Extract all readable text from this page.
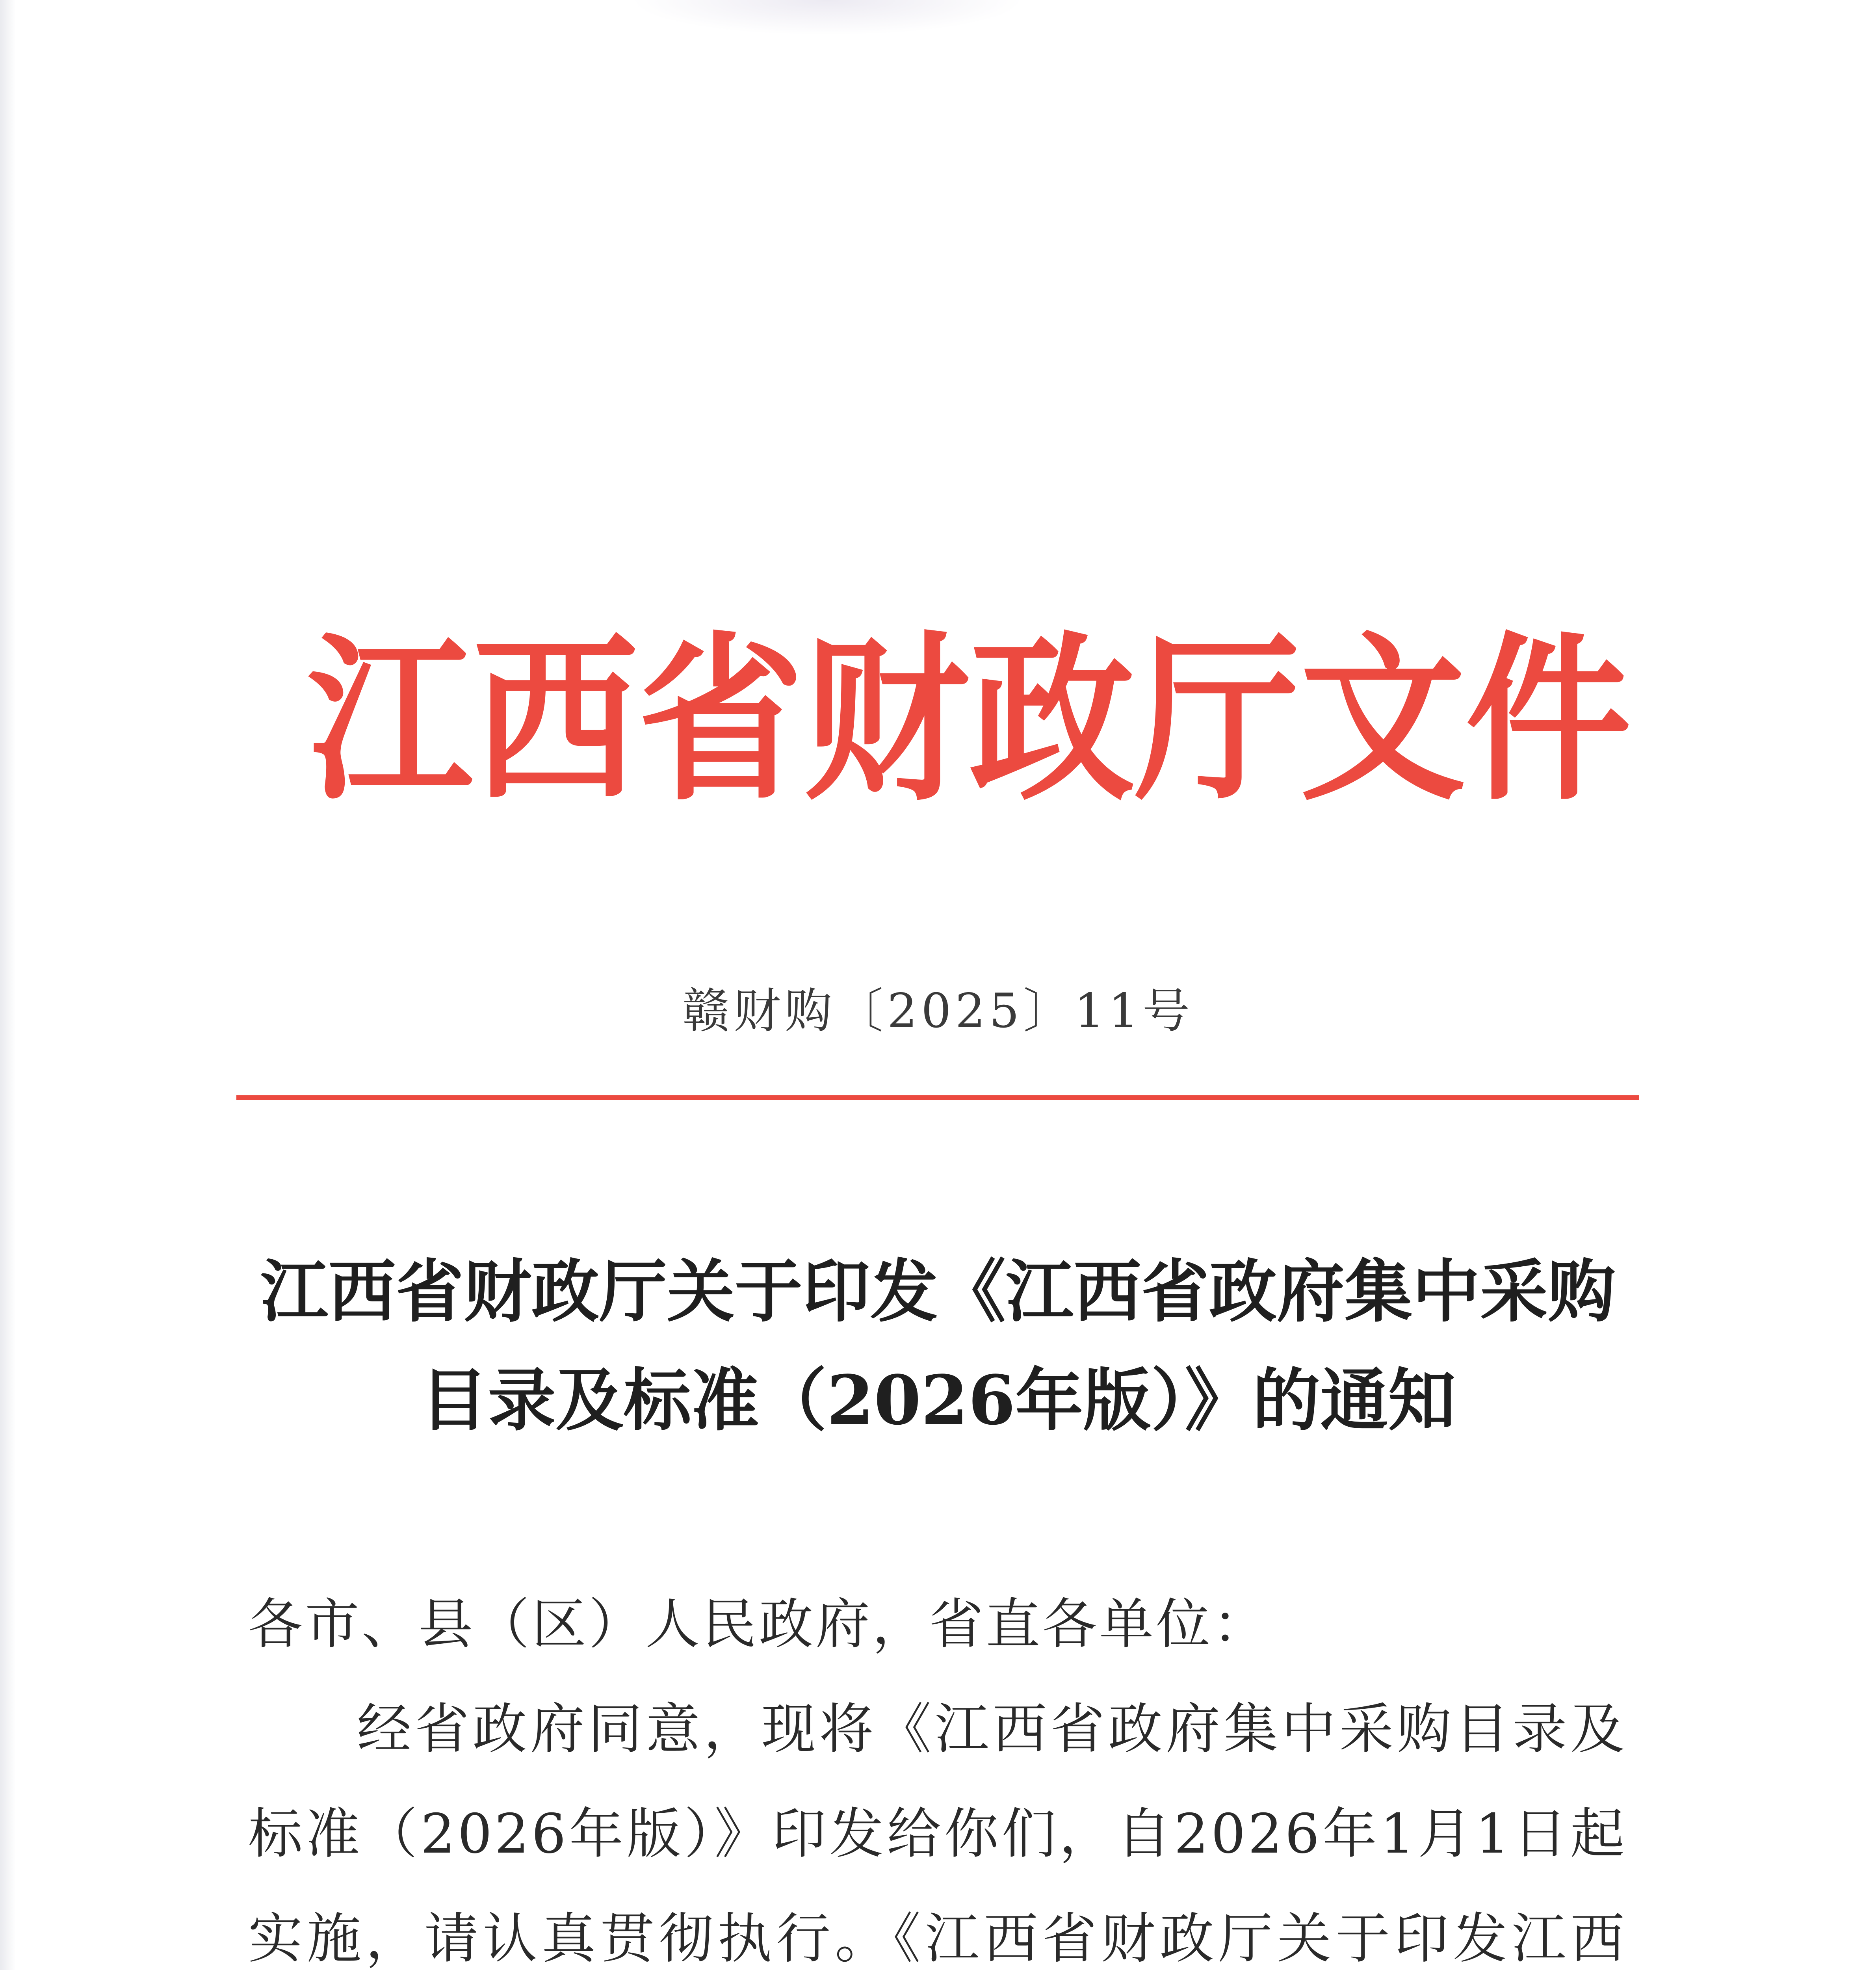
江 西 省 财 政 厅 文 件
赣财购〔2025〕11号
江西省财政厅关于印发《江西省政府集中采购
目录及标准（2026年版）》的通知

各市、县（区）人民政府，省直各单位：

经省政府同意，现将《江西省政府集中采购目录及标准（2026年版）》印发给你们，自2026年1月1日起实施，请认真贯彻执行。《江西省财政厅关于印发江西
